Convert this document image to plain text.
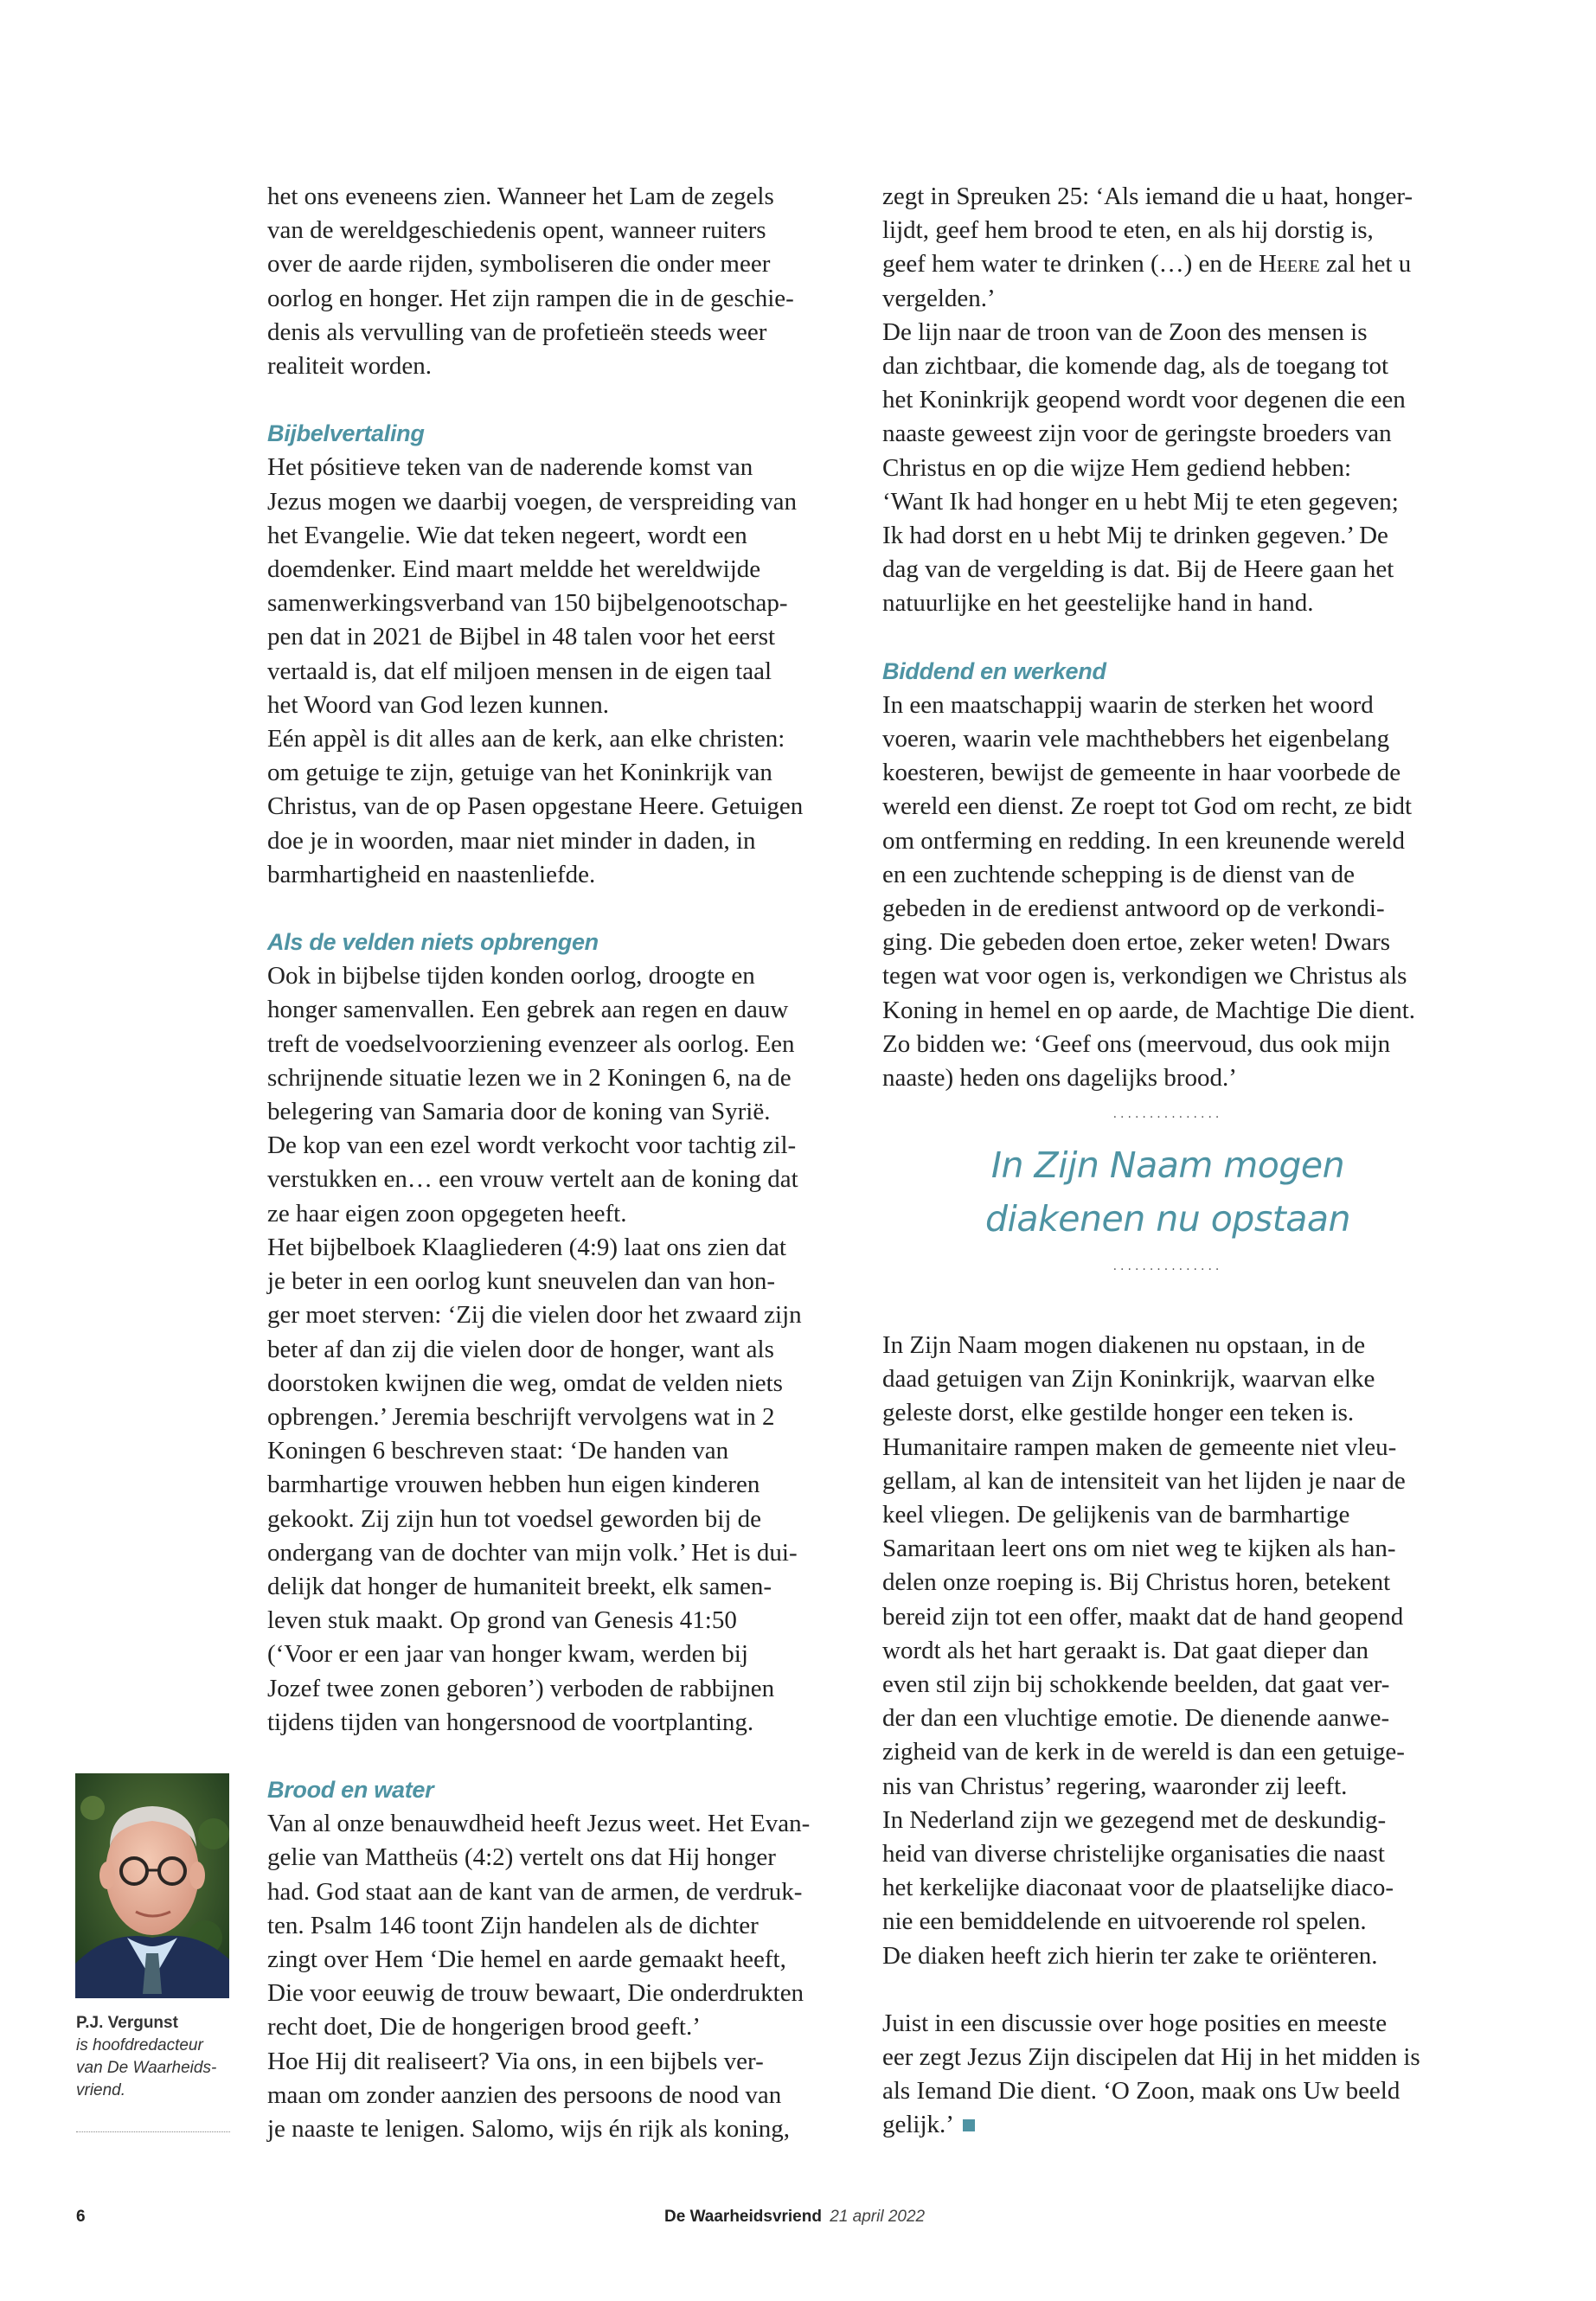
het ons eveneens zien. Wanneer het Lam de zegels
van de wereldgeschiedenis opent, wanneer ruiters
over de aarde rijden, symboliseren die onder meer
oorlog en honger. Het zijn rampen die in de geschie-
denis als vervulling van de profetieën steeds weer
realiteit worden.
Bijbelvertaling
Het pósitieve teken van de naderende komst van
Jezus mogen we daarbij voegen, de verspreiding van
het Evangelie. Wie dat teken negeert, wordt een
doemdenker. Eind maart meldde het wereldwijde
samenwerkingsverband van 150 bijbelgenootschap-
pen dat in 2021 de Bijbel in 48 talen voor het eerst
vertaald is, dat elf miljoen mensen in de eigen taal
het Woord van God lezen kunnen.
Eén appèl is dit alles aan de kerk, aan elke christen:
om getuige te zijn, getuige van het Koninkrijk van
Christus, van de op Pasen opgestane Heere. Getuigen
doe je in woorden, maar niet minder in daden, in
barmhartigheid en naastenliefde.
Als de velden niets opbrengen
Ook in bijbelse tijden konden oorlog, droogte en
honger samenvallen. Een gebrek aan regen en dauw
treft de voedselvoorziening evenzeer als oorlog. Een
schrijnende situatie lezen we in 2 Koningen 6, na de
belegering van Samaria door de koning van Syrië.
De kop van een ezel wordt verkocht voor tachtig zil-
verstukken en… een vrouw vertelt aan de koning dat
ze haar eigen zoon opgegeten heeft.
Het bijbelboek Klaagliederen (4:9) laat ons zien dat
je beter in een oorlog kunt sneuvelen dan van hon-
ger moet sterven: ‘Zij die vielen door het zwaard zijn
beter af dan zij die vielen door de honger, want als
doorstoken kwijnen die weg, omdat de velden niets
opbrengen.’ Jeremia beschrijft vervolgens wat in 2
Koningen 6 beschreven staat: ‘De handen van
barmhartige vrouwen hebben hun eigen kinderen
gekookt. Zij zijn hun tot voedsel geworden bij de
ondergang van de dochter van mijn volk.’ Het is dui-
delijk dat honger de humaniteit breekt, elk samen-
leven stuk maakt. Op grond van Genesis 41:50
(‘Voor er een jaar van honger kwam, werden bij
Jozef twee zonen geboren’) verboden de rabbijnen
tijdens tijden van hongersnood de voortplanting.
Brood en water
Van al onze benauwdheid heeft Jezus weet. Het Evan-
gelie van Mattheüs (4:2) vertelt ons dat Hij honger
had. God staat aan de kant van de armen, de verdruk-
ten. Psalm 146 toont Zijn handelen als de dichter
zingt over Hem ‘Die hemel en aarde gemaakt heeft,
Die voor eeuwig de trouw bewaart, Die onderdrukten
recht doet, Die de hongerigen brood geeft.’
Hoe Hij dit realiseert? Via ons, in een bijbels ver-
maan om zonder aanzien des persoons de nood van
je naaste te lenigen. Salomo, wijs én rijk als koning,
zegt in Spreuken 25: ‘Als iemand die u haat, honger-
lijdt, geef hem brood te eten, en als hij dorstig is,
geef hem water te drinken (…) en de Heere zal het u
vergelden.’
De lijn naar de troon van de Zoon des mensen is
dan zichtbaar, die komende dag, als de toegang tot
het Koninkrijk geopend wordt voor degenen die een
naaste geweest zijn voor de geringste broeders van
Christus en op die wijze Hem gediend hebben:
‘Want Ik had honger en u hebt Mij te eten gegeven;
Ik had dorst en u hebt Mij te drinken gegeven.’ De
dag van de vergelding is dat. Bij de Heere gaan het
natuurlijke en het geestelijke hand in hand.
Biddend en werkend
In een maatschappij waarin de sterken het woord
voeren, waarin vele machthebbers het eigenbelang
koesteren, bewijst de gemeente in haar voorbede de
wereld een dienst. Ze roept tot God om recht, ze bidt
om ontferming en redding. In een kreunende wereld
en een zuchtende schepping is de dienst van de
gebeden in de eredienst antwoord op de verkondi-
ging. Die gebeden doen ertoe, zeker weten! Dwars
tegen wat voor ogen is, verkondigen we Christus als
Koning in hemel en op aarde, de Machtige Die dient.
Zo bidden we: ‘Geef ons (meervoud, dus ook mijn
naaste) heden ons dagelijks brood.’
...............
In Zijn Naam mogen
diakenen nu opstaan
...............
In Zijn Naam mogen diakenen nu opstaan, in de
daad getuigen van Zijn Koninkrijk, waarvan elke
geleste dorst, elke gestilde honger een teken is.
Humanitaire rampen maken de gemeente niet vleu-
gellam, al kan de intensiteit van het lijden je naar de
keel vliegen. De gelijkenis van de barmhartige
Samaritaan leert ons om niet weg te kijken als han-
delen onze roeping is. Bij Christus horen, betekent
bereid zijn tot een offer, maakt dat de hand geopend
wordt als het hart geraakt is. Dat gaat dieper dan
even stil zijn bij schokkende beelden, dat gaat ver-
der dan een vluchtige emotie. De dienende aanwe-
zigheid van de kerk in de wereld is dan een getuige-
nis van Christus’ regering, waaronder zij leeft.
In Nederland zijn we gezegend met de deskundig-
heid van diverse christelijke organisaties die naast
het kerkelijke diaconaat voor de plaatselijke diaco-
nie een bemiddelende en uitvoerende rol spelen.
De diaken heeft zich hierin ter zake te oriënteren.
Juist in een discussie over hoge posities en meeste
eer zegt Jezus Zijn discipelen dat Hij in het midden is
als Iemand Die dient. ‘O Zoon, maak ons Uw beeld
gelijk.’
P.J. Vergunst
is hoofdredacteur
van De Waarheids-
vriend.
6	De Waarheidsvriend 21 april 2022
